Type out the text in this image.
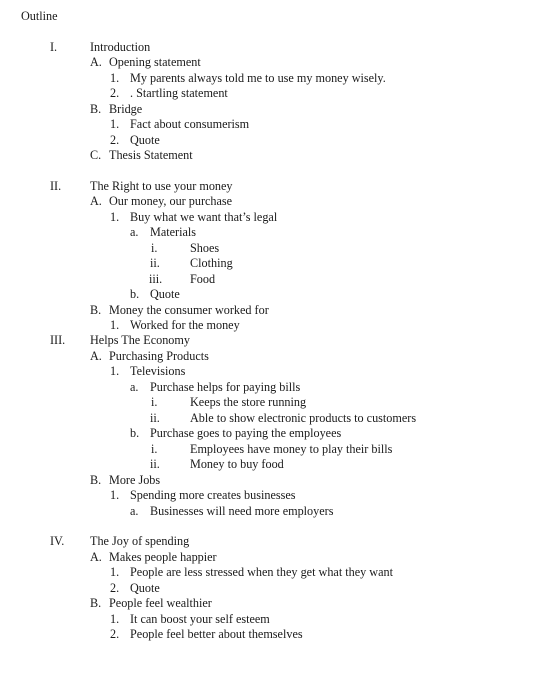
Outline
I.	Introduction
A. Opening statement
1. My parents always told me to use my money wisely.
2. . Startling statement
B. Bridge
1. Fact about consumerism
2. Quote
C. Thesis Statement
II. The Right to use your money
A. Our money, our purchase
1. Buy what we want that’s legal
a. Materials
i.	Shoes
ii. Clothing
iii. Food
b. Quote
B. Money the consumer worked for
1. Worked for the money
III. Helps The Economy
A. Purchasing Products
1. Televisions
a. Purchase helps for paying bills
i.	Keeps the store running
ii. Able to show electronic products to customers
b. Purchase goes to paying the employees
i.	Employees have money to play their bills
ii. Money to buy food
B. More Jobs
1. Spending more creates businesses
a. Businesses will need more employers
IV. The Joy of spending
A. Makes people happier
1. People are less stressed when they get what they want
2. Quote
B. People feel wealthier
1. It can boost your self esteem
2. People feel better about themselves
